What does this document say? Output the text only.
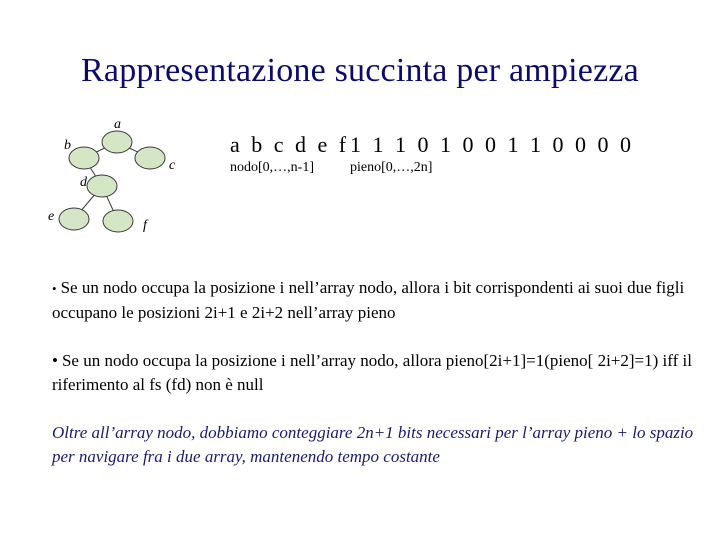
Rappresentazione succinta per ampiezza
a
b
c
d
e
f
a b c d e f 1 1 1 0 1 0 0 1 1 0 0 0 0
nodo[0,…,n-1]	pieno[0,…,2n]
• Se un nodo occupa la posizione i nell’array nodo, allora i bit corrispondenti ai suoi due figli occupano le posizioni 2i+1 e 2i+2 nell’array pieno
• Se un nodo occupa la posizione i nell’array nodo, allora pieno[2i+1]=1(pieno[ 2i+2]=1) iff il riferimento al fs (fd) non è null
Oltre all’array nodo, dobbiamo conteggiare 2n+1 bits necessari per l’array pieno + lo spazio per navigare fra i due array, mantenendo tempo costante
